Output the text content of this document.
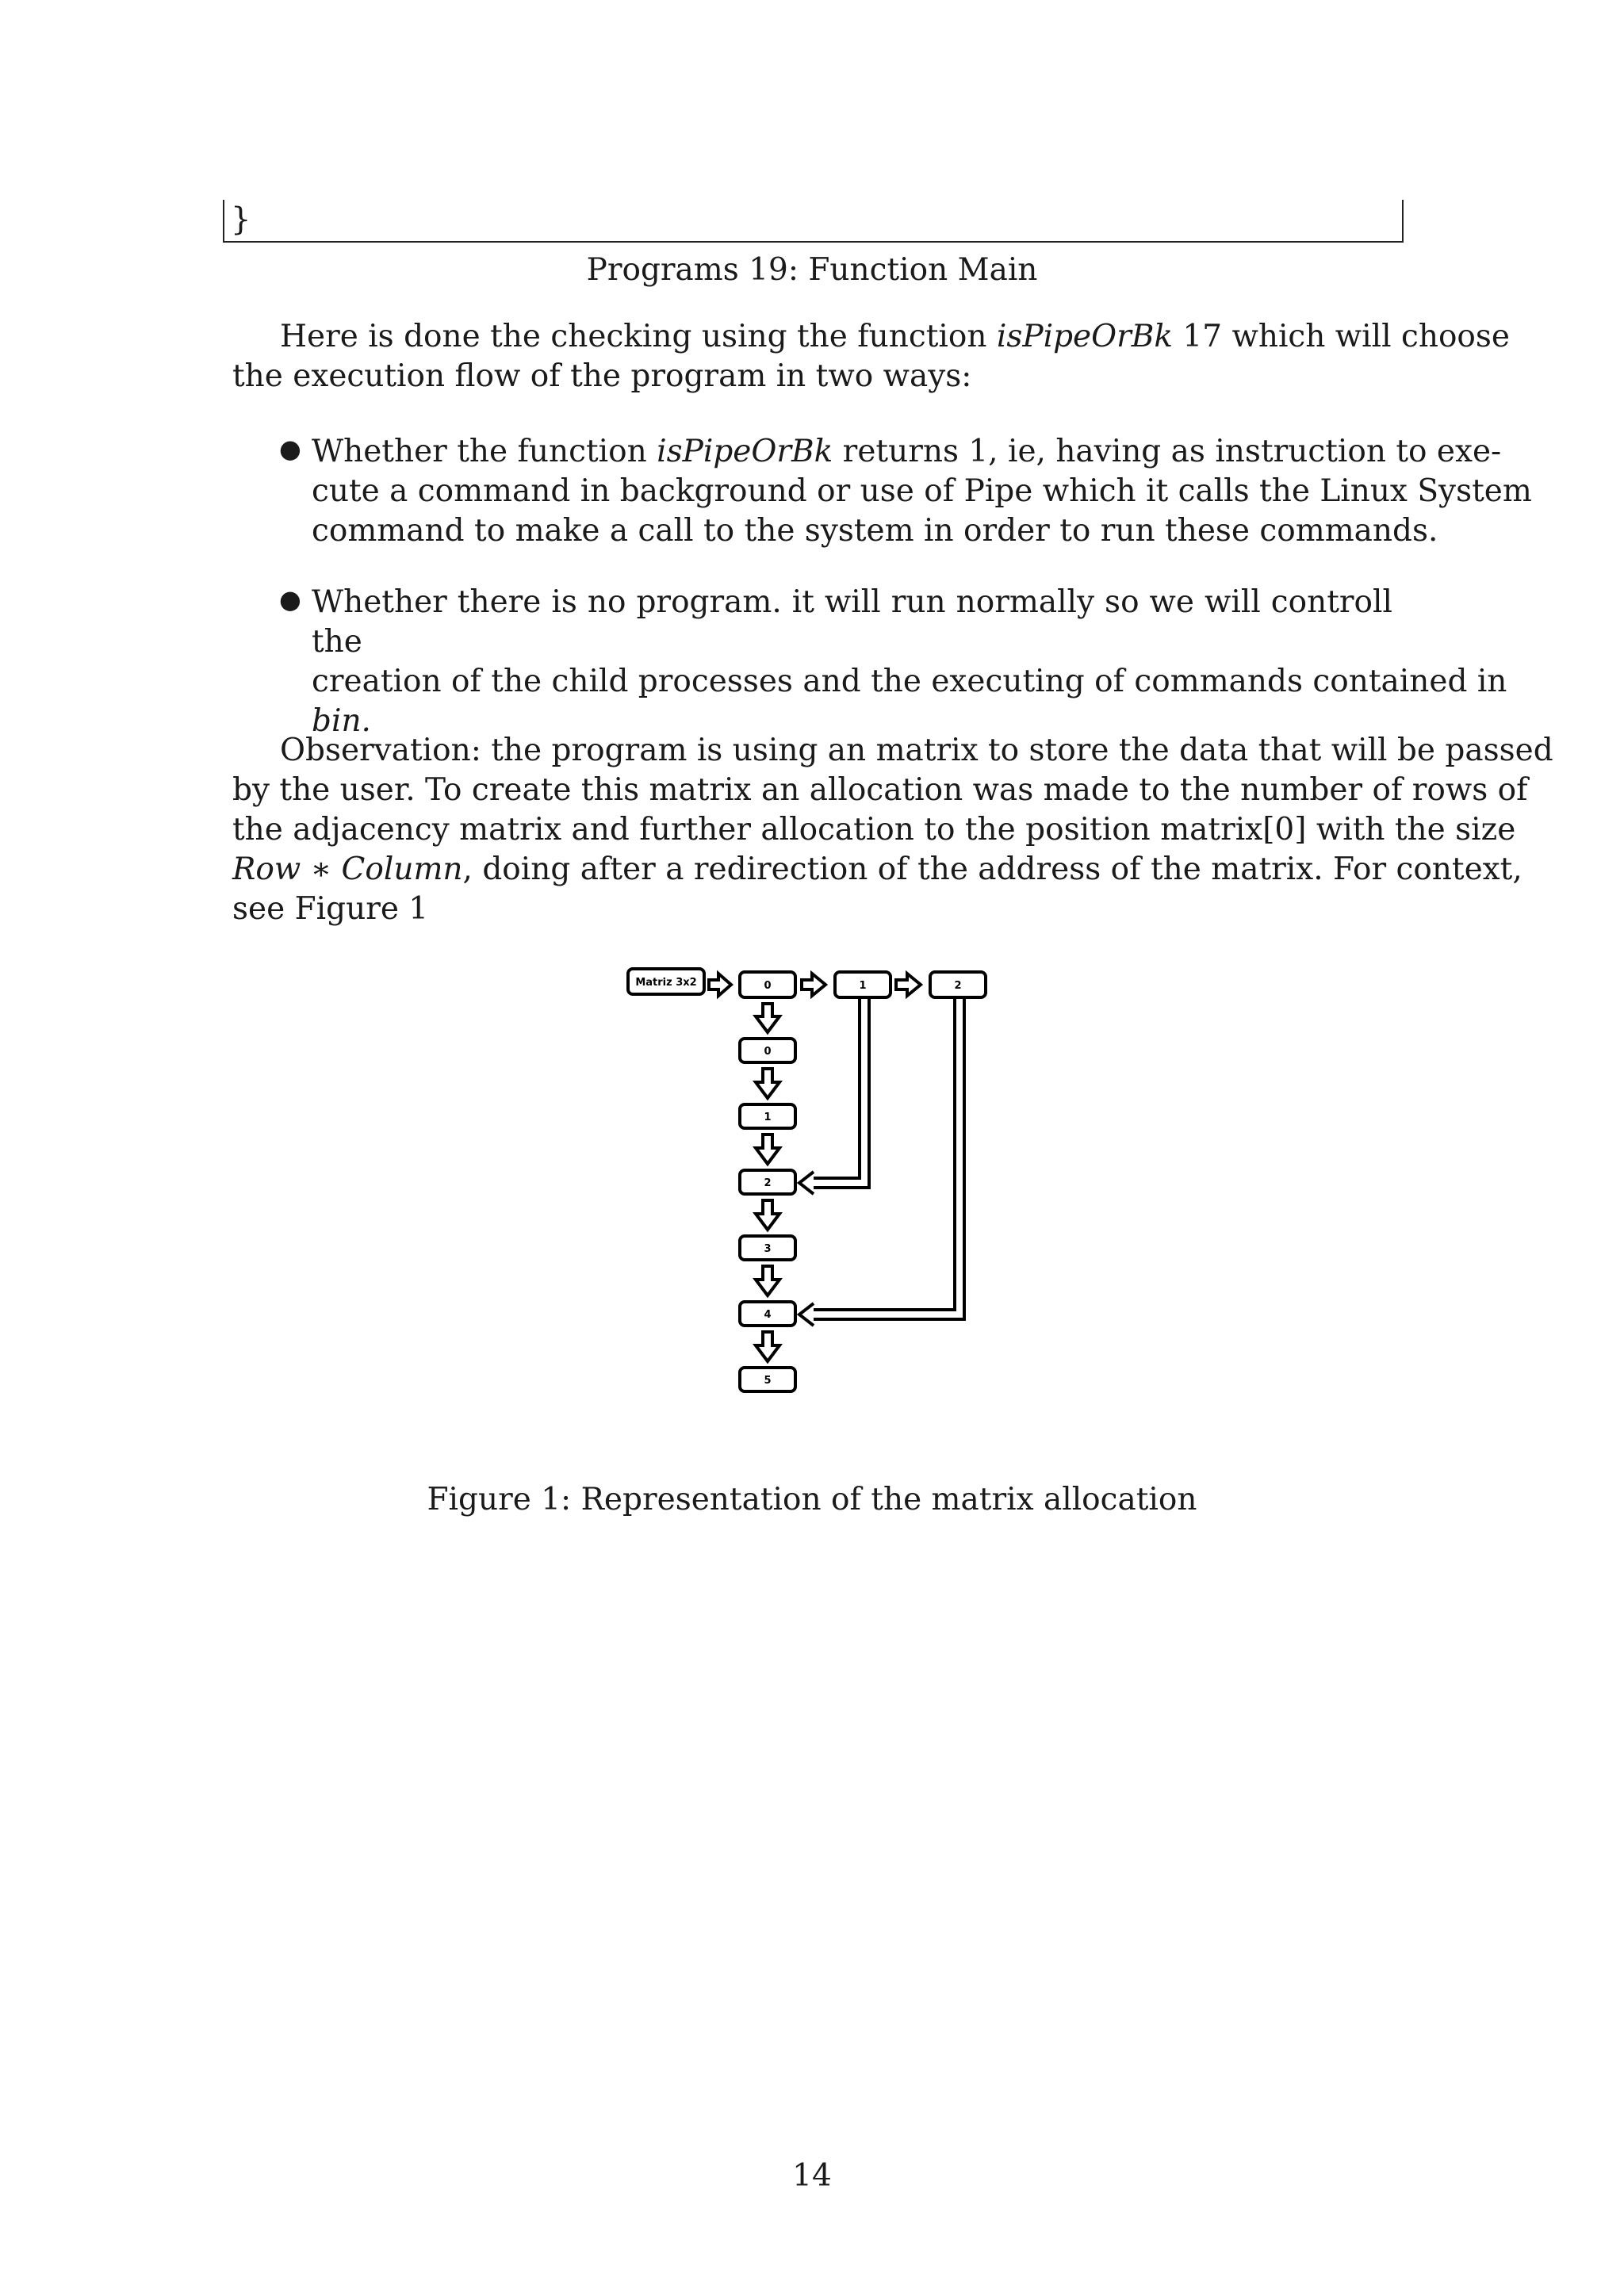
}
Programs 19: Function Main
Here is done the checking using the function isPipeOrBk 17 which will choose
the execution flow of the program in two ways:
● Whether the function isPipeOrBk returns 1, ie, having as instruction to exe-
cute a command in background or use of Pipe which it calls the Linux System
command to make a call to the system in order to run these commands.
● Whether there is no program. it will run normally so we will controll the
creation of the child processes and the executing of commands contained in
bin.
Observation: the program is using an matrix to store the data that will be passed
by the user. To create this matrix an allocation was made to the number of rows of
the adjacency matrix and further allocation to the position matrix[0] with the size
Row ∗ Column, doing after a redirection of the address of the matrix. For context,
see Figure 1
Matriz 3x2	0	1	2
0
1
2
3
4
5
Figure 1: Representation of the matrix allocation
14
